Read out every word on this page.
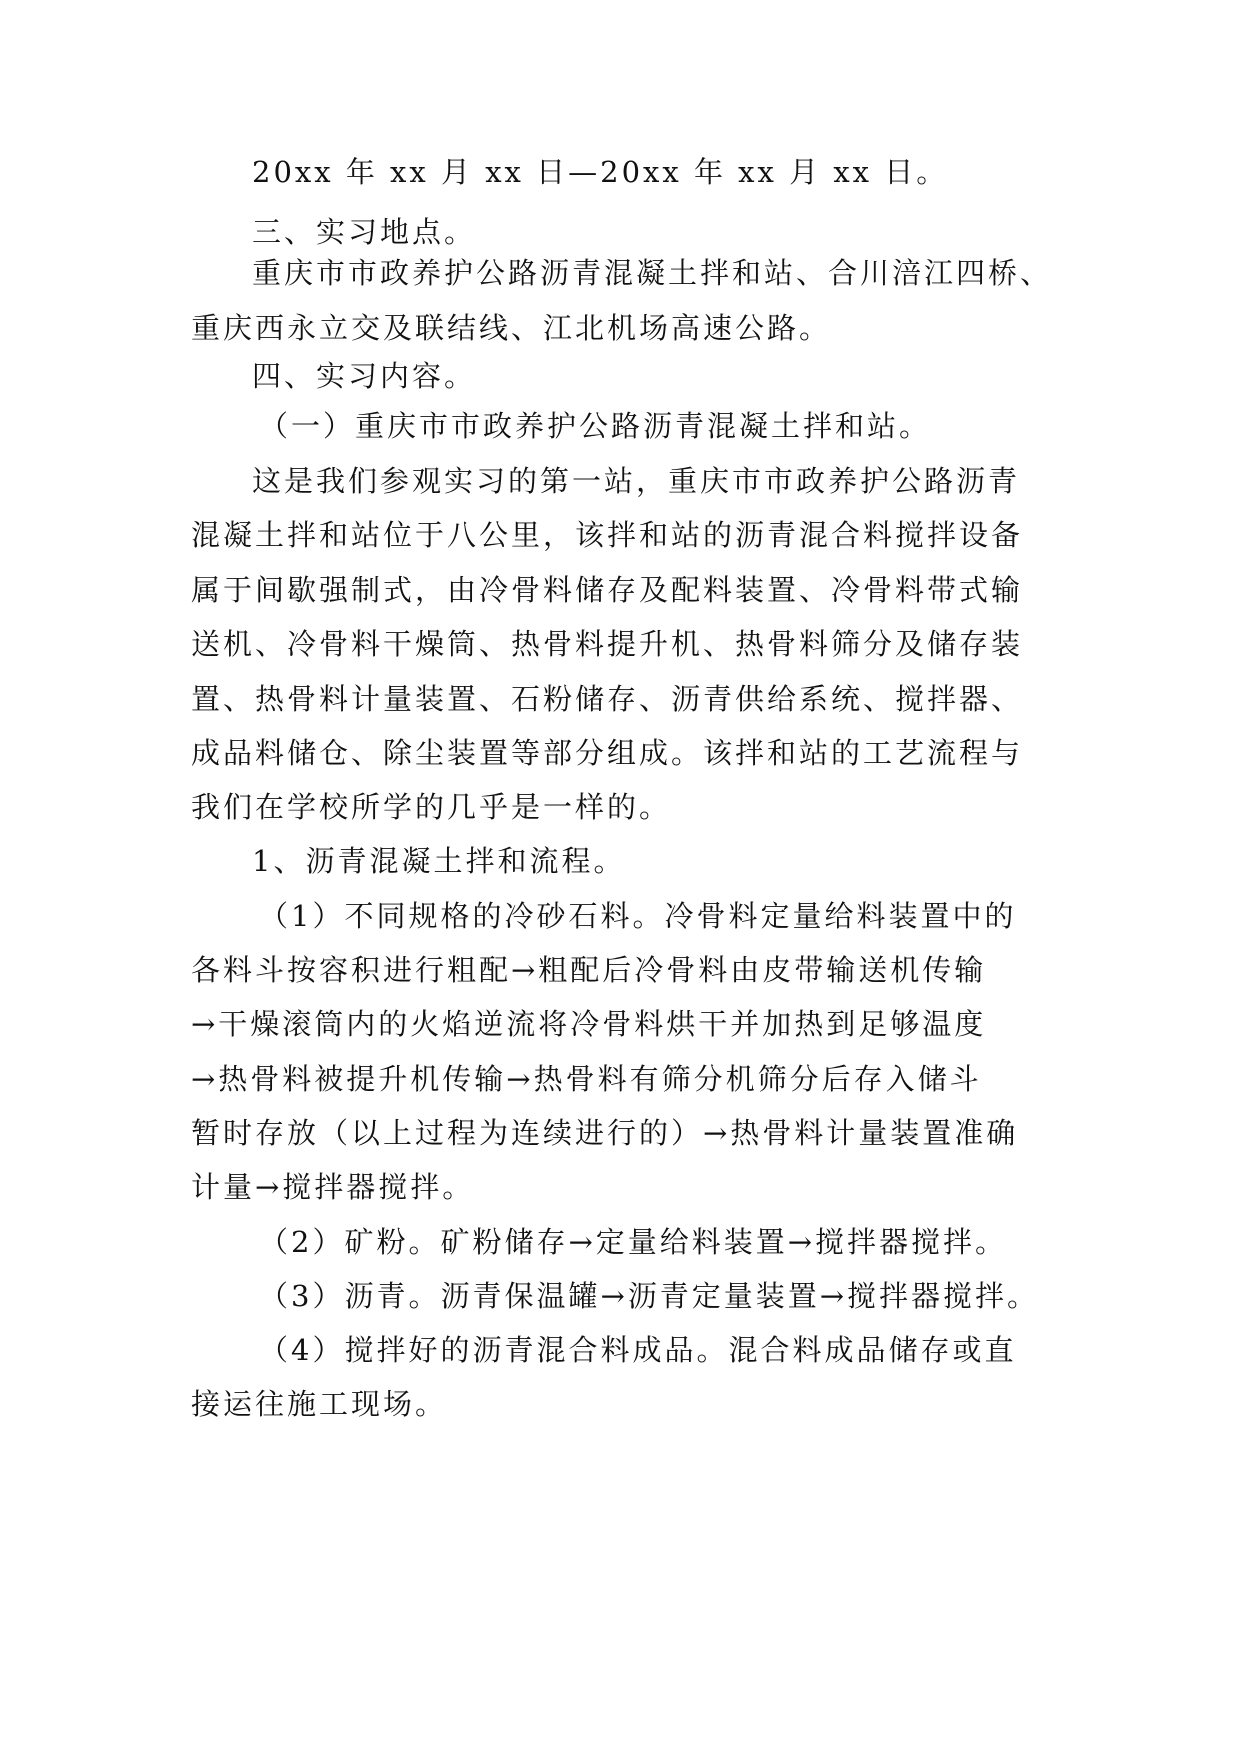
20xx 年 xx 月 xx 日—20xx 年 xx 月 xx 日。
三、实习地点。
重庆市市政养护公路沥青混凝土拌和站、合川涪江四桥、
重庆西永立交及联结线、江北机场高速公路。
四、实习内容。
（一）重庆市市政养护公路沥青混凝土拌和站。
这是我们参观实习的第一站，重庆市市政养护公路沥青
混凝土拌和站位于八公里，该拌和站的沥青混合料搅拌设备
属于间歇强制式，由冷骨料储存及配料装置、冷骨料带式输
送机、冷骨料干燥筒、热骨料提升机、热骨料筛分及储存装
置、热骨料计量装置、石粉储存、沥青供给系统、搅拌器、
成品料储仓、除尘装置等部分组成。该拌和站的工艺流程与
我们在学校所学的几乎是一样的。
1、沥青混凝土拌和流程。
（1）不同规格的冷砂石料。冷骨料定量给料装置中的
各料斗按容积进行粗配→粗配后冷骨料由皮带输送机传输
→干燥滚筒内的火焰逆流将冷骨料烘干并加热到足够温度
→热骨料被提升机传输→热骨料有筛分机筛分后存入储斗
暂时存放（以上过程为连续进行的）→热骨料计量装置准确
计量→搅拌器搅拌。
（2）矿粉。矿粉储存→定量给料装置→搅拌器搅拌。
（3）沥青。沥青保温罐→沥青定量装置→搅拌器搅拌。
（4）搅拌好的沥青混合料成品。混合料成品储存或直
接运往施工现场。
